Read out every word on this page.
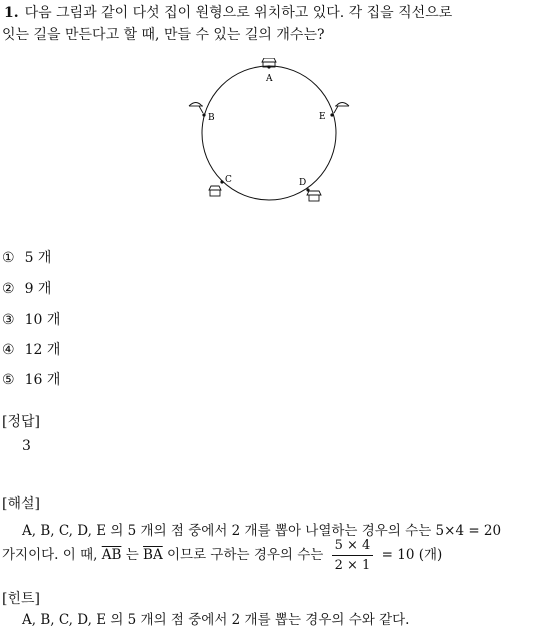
1. 다음 그림과 같이 다섯 집이 원형으로 위치하고 있다. 각 집을 직선으로
잇는 길을 만든다고 할 때, 만들 수 있는 길의 개수는?
A
B	E
C	D
① 5 개
② 9 개
③ 10 개
④ 12 개
⑤ 16 개
[정답]
3
[해설]
A, B, C, D, E 의 5 개의 점 중에서 2 개를 뽑아 나열하는 경우의 수는 5×4 = 20
가지이다. 이 때, $\overline{AB}$ 는 $\overline{BA}$ 이므로 구하는 경우의 수는 $\frac{5 \times 4}{2 \times 1} = 10$ (개)
[힌트]
A, B, C, D, E 의 5 개의 점 중에서 2 개를 뽑는 경우의 수와 같다.
